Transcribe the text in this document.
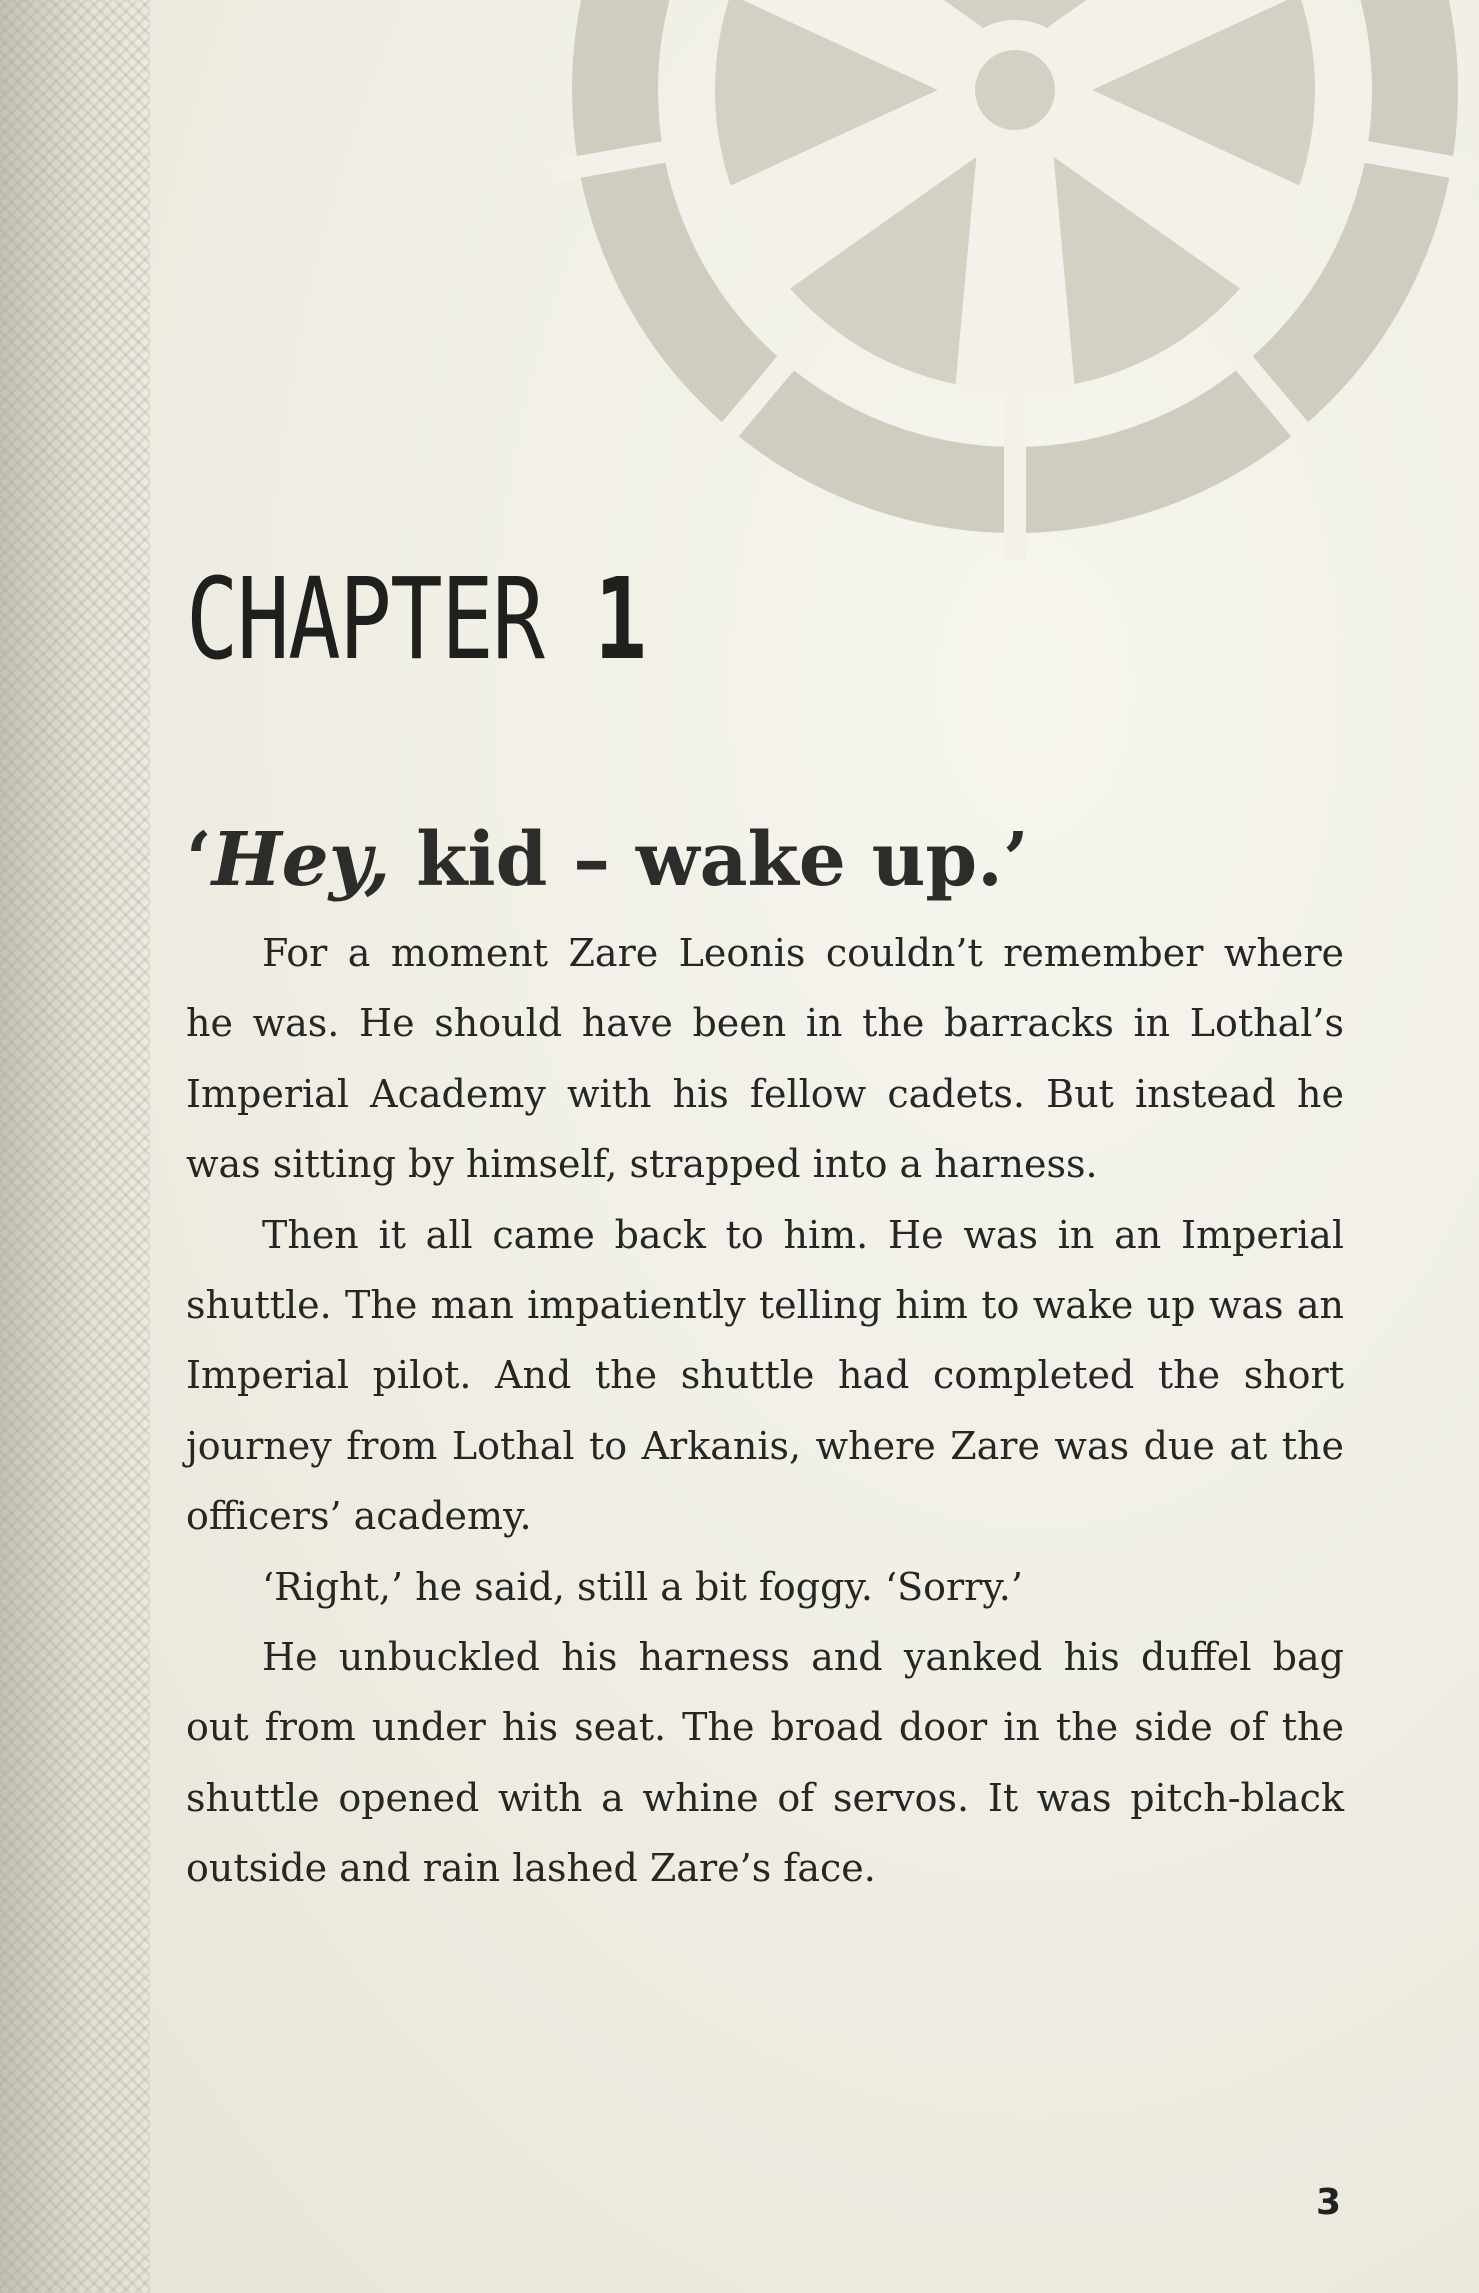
CHAPTER 1
‘Hey, kid – wake up.’

For a moment Zare Leonis couldn’t remember where he was. He should have been in the barracks in Lothal’s Imperial Academy with his fellow cadets. But instead he was sitting by himself, strapped into a harness.

Then it all came back to him. He was in an Imperial shuttle. The man impatiently telling him to wake up was an Imperial pilot. And the shuttle had completed the short journey from Lothal to Arkanis, where Zare was due at the officers’ academy.

‘Right,’ he said, still a bit foggy. ‘Sorry.’

He unbuckled his harness and yanked his duffel bag out from under his seat. The broad door in the side of the shuttle opened with a whine of servos. It was pitch-black outside and rain lashed Zare’s face.

3
